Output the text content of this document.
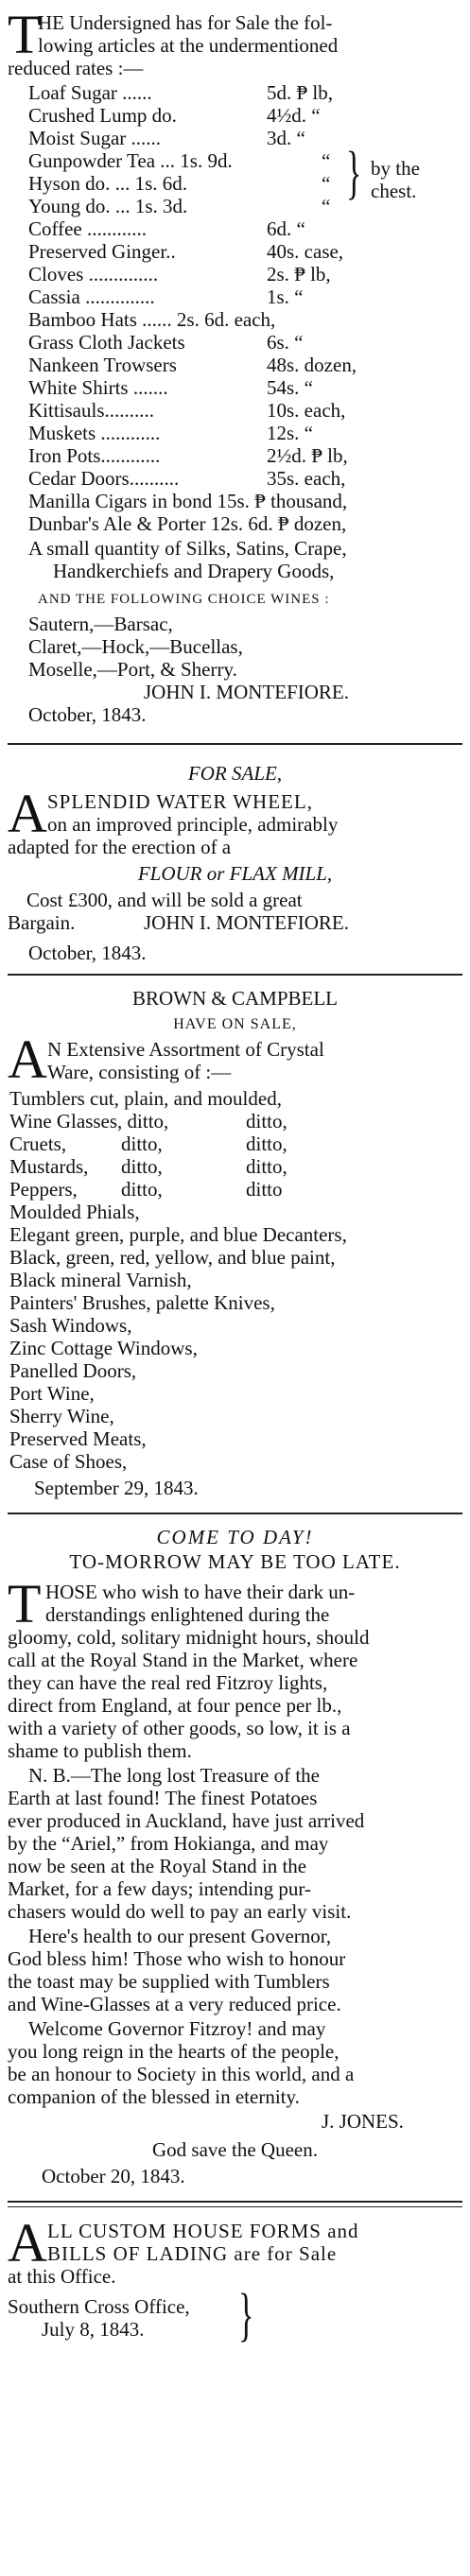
T
HE Undersigned has for Sale the fol-
lowing articles at the undermentioned
reduced rates :—
Loaf Sugar ......	5d. ₱ lb,
Crushed Lump do.	4½d. “
Moist Sugar ......	3d. “
Gunpowder Tea ... 1s. 9d.	“
Hyson do. ... 1s. 6d.	“
Young do. ... 1s. 3d.	“
} by the
chest.
Coffee ............	6d. “
Preserved Ginger..	40s. case,
Cloves ..............	2s. ₱ lb,
Cassia ..............	1s. “
Bamboo Hats ...... 2s. 6d. each,
Grass Cloth Jackets	6s. “
Nankeen Trowsers	48s. dozen,
White Shirts .......	54s. “
Kittisauls..........	10s. each,
Muskets ............	12s. “
Iron Pots............	2½d. ₱ lb,
Cedar Doors..........	35s. each,
Manilla Cigars in bond 15s. ₱ thousand,
Dunbar's Ale & Porter 12s. 6d. ₱ dozen,
A small quantity of Silks, Satins, Crape,
Handkerchiefs and Drapery Goods,
AND THE FOLLOWING CHOICE WINES :
Sautern,—Barsac,
Claret,—Hock,—Bucellas,
Moselle,—Port, & Sherry.
JOHN I. MONTEFIORE.
October, 1843.
FOR SALE,
A SPLENDID WATER WHEEL,
on an improved principle, admirably
adapted for the erection of a
FLOUR or FLAX MILL,
Cost £300, and will be sold a great
Bargain.	JOHN I. MONTEFIORE.
October, 1843.
BROWN & CAMPBELL
HAVE ON SALE,
A N Extensive Assortment of Crystal
Ware, consisting of :—
Tumblers cut, plain, and moulded,
Wine Glasses, ditto,	ditto,
Cruets,	ditto,	ditto,
Mustards, ditto,	ditto,
Peppers, ditto,	ditto
Moulded Phials,
Elegant green, purple, and blue Decanters,
Black, green, red, yellow, and blue paint,
Black mineral Varnish,
Painters' Brushes, palette Knives,
Sash Windows,
Zinc Cottage Windows,
Panelled Doors,
Port Wine,
Sherry Wine,
Preserved Meats,
Case of Shoes,
September 29, 1843.
COME TO DAY!
TO-MORROW MAY BE TOO LATE.
T HOSE who wish to have their dark un-
derstandings enlightened during the
gloomy, cold, solitary midnight hours, should
call at the Royal Stand in the Market, where
they can have the real red Fitzroy lights,
direct from England, at four pence per lb.,
with a variety of other goods, so low, it is a
shame to publish them.
N. B.—The long lost Treasure of the
Earth at last found! The finest Potatoes
ever produced in Auckland, have just arrived
by the “Ariel,” from Hokianga, and may
now be seen at the Royal Stand in the
Market, for a few days; intending pur-
chasers would do well to pay an early visit.
Here's health to our present Governor,
God bless him! Those who wish to honour
the toast may be supplied with Tumblers
and Wine-Glasses at a very reduced price.
Welcome Governor Fitzroy! and may
you long reign in the hearts of the people,
be an honour to Society in this world, and a
companion of the blessed in eternity.
J. JONES.
God save the Queen.
October 20, 1843.
A LL CUSTOM HOUSE FORMS and
BILLS OF LADING are for Sale
at this Office.
Southern Cross Office,
July 8, 1843. }
